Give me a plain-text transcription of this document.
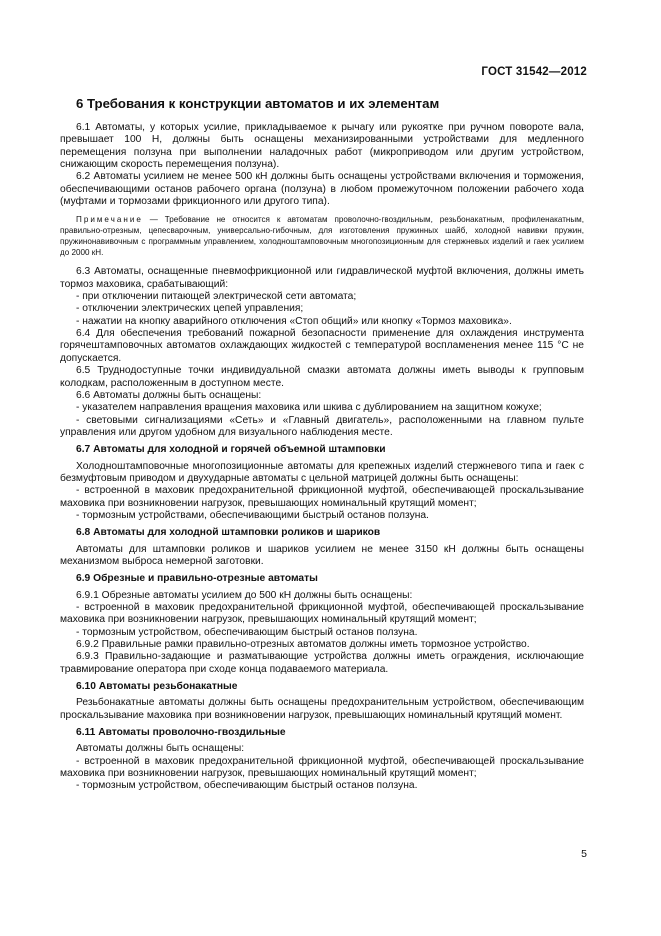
ГОСТ 31542—2012
6 Требования к конструкции автоматов и их элементам

6.1 Автоматы, у которых усилие, прикладываемое к рычагу или рукоятке при ручном повороте вала, превышает 100 Н, должны быть оснащены механизированными устройствами для медленного перемещения ползуна при выполнении наладочных работ (микроприводом или другим устройством, снижающим скорость перемещения ползуна).

6.2 Автоматы усилием не менее 500 кН должны быть оснащены устройствами включения и торможения, обеспечивающими останов рабочего органа (ползуна) в любом промежуточном положении рабочего хода (муфтами и тормозами фрикционного или другого типа).

Примечание — Требование не относится к автоматам проволочно-гвоздильным, резьбонакатным, профиленакатным, правильно-отрезным, цепесварочным, универсально-гибочным, для изготовления пружинных шайб, холодной навивки пружин, пружинонавивочным с программным управлением, холодноштамповочным многопозиционным для стержневых изделий и гаек усилием до 2000 кН.

6.3 Автоматы, оснащенные пневмофрикционной или гидравлической муфтой включения, должны иметь тормоз маховика, срабатывающий:

- при отключении питающей электрической сети автомата;

- отключении электрических цепей управления;

- нажатии на кнопку аварийного отключения «Стоп общий» или кнопку «Тормоз маховика».

6.4 Для обеспечения требований пожарной безопасности применение для охлаждения инструмента горячештамповочных автоматов охлаждающих жидкостей с температурой воспламенения менее 115 °С не допускается.

6.5 Труднодоступные точки индивидуальной смазки автомата должны иметь выводы к групповым колодкам, расположенным в доступном месте.

6.6 Автоматы должны быть оснащены:

- указателем направления вращения маховика или шкива с дублированием на защитном кожухе;

- световыми сигнализациями «Сеть» и «Главный двигатель», расположенными на главном пульте управления или другом удобном для визуального наблюдения месте.

6.7 Автоматы для холодной и горячей объемной штамповки

Холодноштамповочные многопозиционные автоматы для крепежных изделий стержневого типа и гаек с безмуфтовым приводом и двухударные автоматы с цельной матрицей должны быть оснащены:

- встроенной в маховик предохранительной фрикционной муфтой, обеспечивающей проскальзывание маховика при возникновении нагрузок, превышающих номинальный крутящий момент;

- тормозным устройствами, обеспечивающими быстрый останов ползуна.

6.8 Автоматы для холодной штамповки роликов и шариков

Автоматы для штамповки роликов и шариков усилием не менее 3150 кН должны быть оснащены механизмом выброса немерной заготовки.

6.9 Обрезные и правильно-отрезные автоматы

6.9.1 Обрезные автоматы усилием до 500 кН должны быть оснащены:

- встроенной в маховик предохранительной фрикционной муфтой, обеспечивающей проскальзывание маховика при возникновении нагрузок, превышающих номинальный крутящий момент;

- тормозным устройством, обеспечивающим быстрый останов ползуна.

6.9.2 Правильные рамки правильно-отрезных автоматов должны иметь тормозное устройство.

6.9.3 Правильно-задающие и разматывающие устройства должны иметь ограждения, исключающие травмирование оператора при сходе конца подаваемого материала.

6.10 Автоматы резьбонакатные

Резьбонакатные автоматы должны быть оснащены предохранительным устройством, обеспечивающим проскальзывание маховика при возникновении нагрузок, превышающих номинальный крутящий момент.

6.11 Автоматы проволочно-гвоздильные

Автоматы должны быть оснащены:

- встроенной в маховик предохранительной фрикционной муфтой, обеспечивающей проскальзывание маховика при возникновении нагрузок, превышающих номинальный крутящий момент;

- тормозным устройством, обеспечивающим быстрый останов ползуна.

5
